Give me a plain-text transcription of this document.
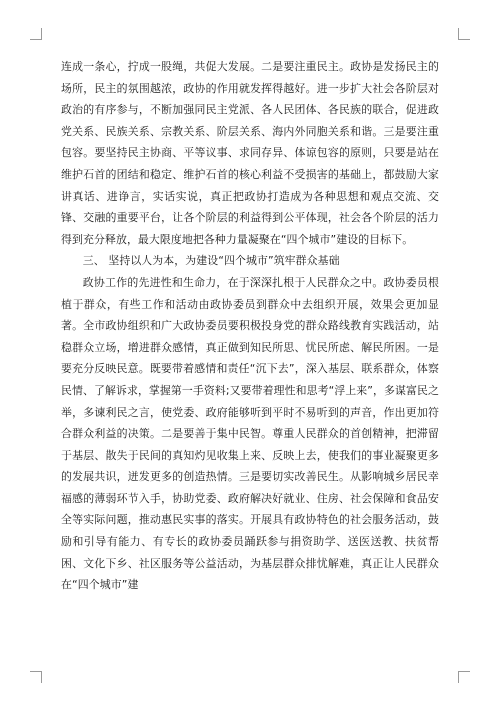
连成一条心，拧成一股绳，共促大发展。二是要注重民主。政协是发扬民主的场所，民主的氛围越浓，政协的作用就发挥得越好。进一步扩大社会各阶层对政治的有序参与，不断加强同民主党派、各人民团体、各民族的联合，促进政党关系、民族关系、宗教关系、阶层关系、海内外同胞关系和谐。三是要注重包容。要坚持民主协商、平等议事、求同存异、体谅包容的原则，只要是站在维护石首的团结和稳定、维护石首的核心利益不受损害的基础上，都鼓励大家讲真话、进诤言，实话实说，真正把政协打造成为各种思想和观点交流、交锋、交融的重要平台，让各个阶层的利益得到公平体现，社会各个阶层的活力得到充分释放，最大限度地把各种力量凝聚在“四个城市”建设的目标下。

三、 坚持以人为本，为建设“四个城市”筑牢群众基础

政协工作的先进性和生命力，在于深深扎根于人民群众之中。政协委员根植于群众，有些工作和活动由政协委员到群众中去组织开展，效果会更加显著。全市政协组织和广大政协委员要积极投身党的群众路线教育实践活动，站稳群众立场，增进群众感情，真正做到知民所思、忧民所虑、解民所困。一是要充分反映民意。既要带着感情和责任“沉下去”，深入基层、联系群众，体察民情、了解诉求，掌握第一手资料;又要带着理性和思考“浮上来”，多谋富民之举，多谏利民之言，使党委、政府能够听到平时不易听到的声音，作出更加符合群众利益的决策。二是要善于集中民智。尊重人民群众的首创精神，把滞留于基层、散失于民间的真知灼见收集上来、反映上去，使我们的事业凝聚更多的发展共识，迸发更多的创造热情。三是要切实改善民生。从影响城乡居民幸福感的薄弱环节入手，协助党委、政府解决好就业、住房、社会保障和食品安全等实际问题，推动惠民实事的落实。开展具有政协特色的社会服务活动，鼓励和引导有能力、有专长的政协委员踊跃参与捐资助学、送医送教、扶贫帮困、文化下乡、社区服务等公益活动，为基层群众排忧解难，真正让人民群众在“四个城市”建
